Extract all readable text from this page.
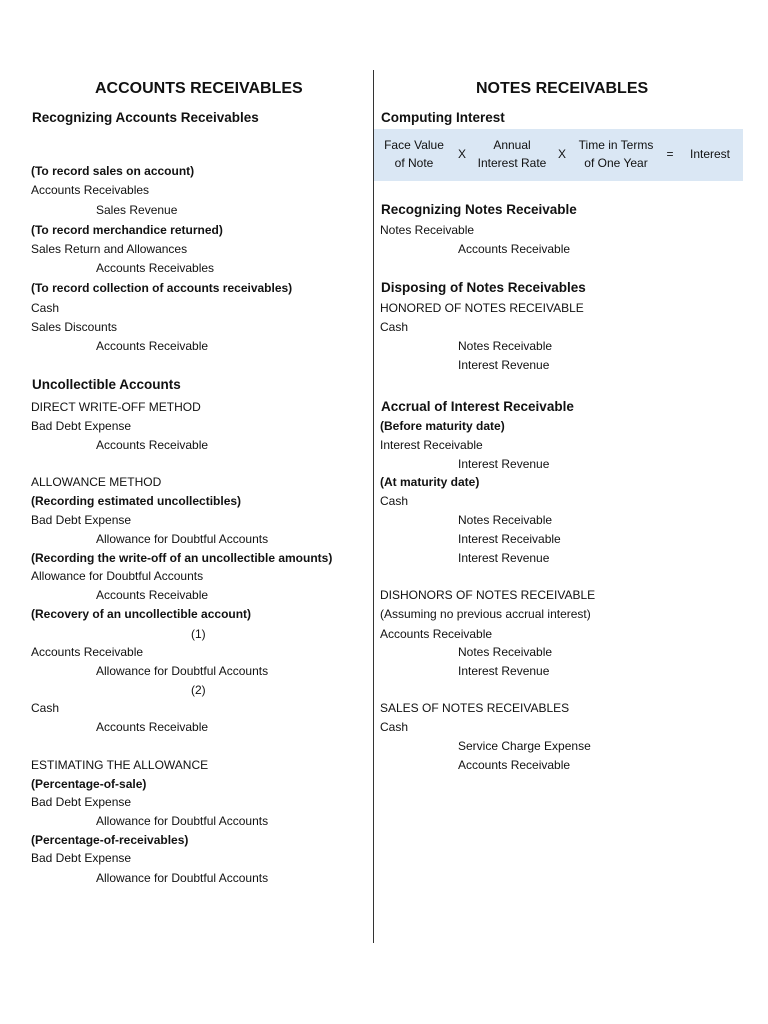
ACCOUNTS RECEIVABLES
Recognizing Accounts Receivables
(To record sales on account)
Accounts Receivables
Sales Revenue
(To record merchandice returned)
Sales Return and Allowances
Accounts Receivables
(To record collection of accounts receivables)
Cash
Sales Discounts
Accounts Receivable
Uncollectible Accounts
DIRECT WRITE-OFF METHOD
Bad Debt Expense
Accounts Receivable
ALLOWANCE METHOD
(Recording estimated uncollectibles)
Bad Debt Expense
Allowance for Doubtful Accounts
(Recording the write-off of an uncollectible amounts)
Allowance for Doubtful Accounts
Accounts Receivable
(Recovery of an uncollectible account)
(1)
Accounts Receivable
Allowance for Doubtful Accounts
(2)
Cash
Accounts Receivable
ESTIMATING THE ALLOWANCE
(Percentage-of-sale)
Bad Debt Expense
Allowance for Doubtful Accounts
(Percentage-of-receivables)
Bad Debt Expense
Allowance for Doubtful Accounts
Face Value
of Note
X
Annual
Interest Rate
X
Time in Terms
of One Year
=	Interest
NOTES RECEIVABLES
Computing Interest
Recognizing Notes Receivable
Notes Receivable
Accounts Receivable
Disposing of Notes Receivables
HONORED OF NOTES RECEIVABLE
Cash
Notes Receivable
Interest Revenue
Accrual of Interest Receivable
(Before maturity date)
Interest Receivable
Interest Revenue
(At maturity date)
Cash
Notes Receivable
Interest Receivable
Interest Revenue
DISHONORS OF NOTES RECEIVABLE
(Assuming no previous accrual interest)
Accounts Receivable
Notes Receivable
Interest Revenue
SALES OF NOTES RECEIVABLES
Cash
Service Charge Expense
Accounts Receivable
